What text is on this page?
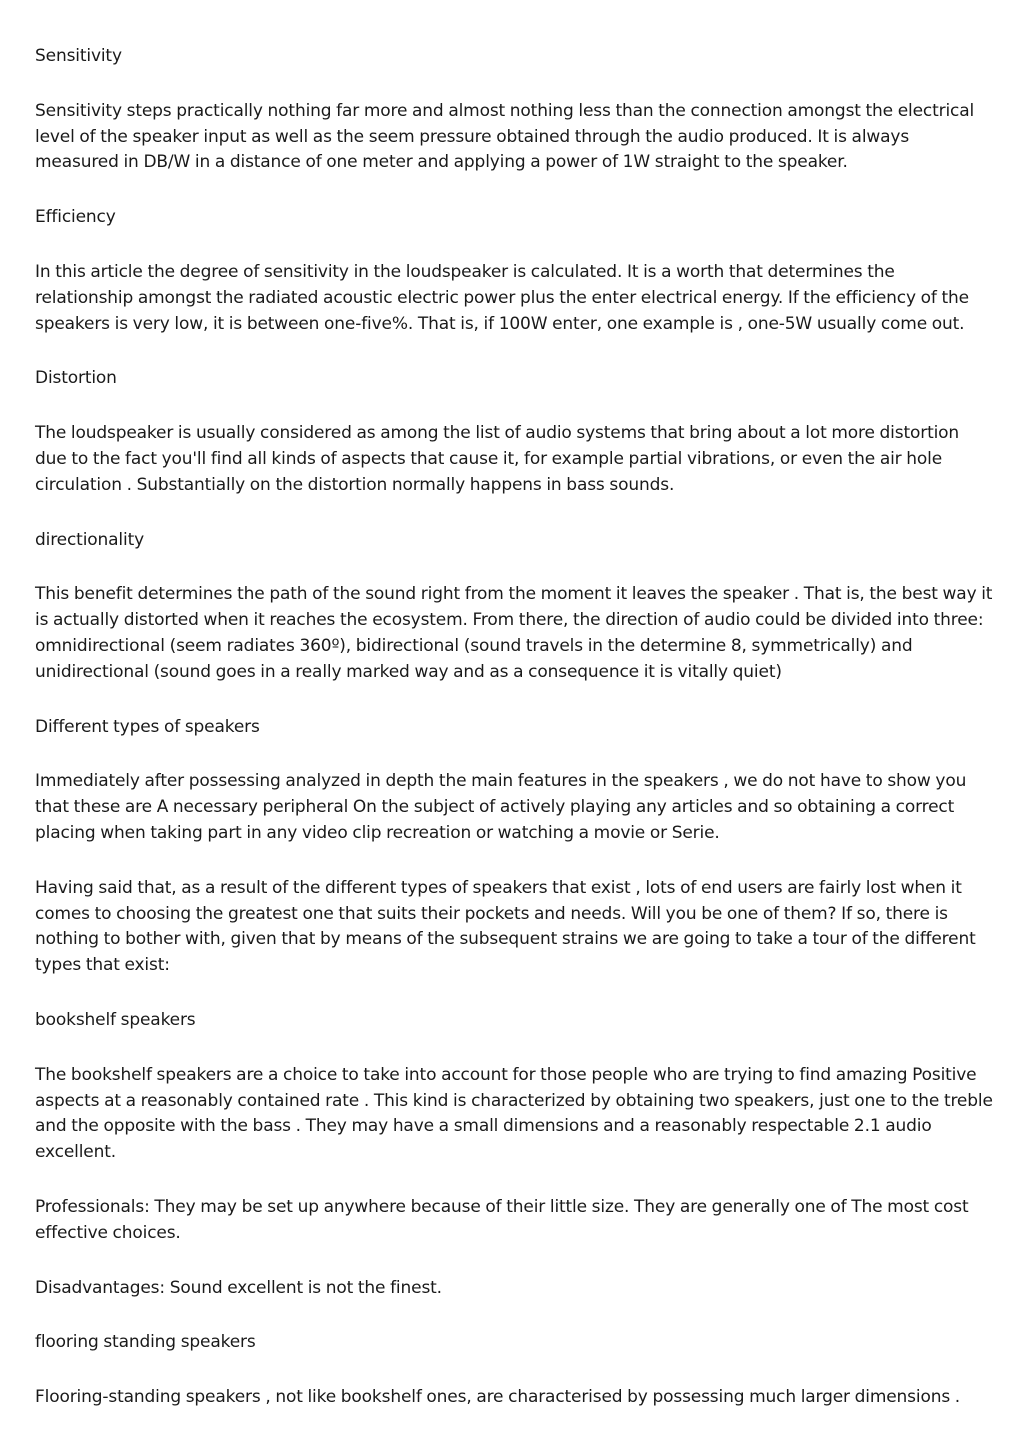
Sensitivity

Sensitivity steps practically nothing far more and almost nothing less than the connection amongst the electrical level of the speaker input as well as the seem pressure obtained through the audio produced. It is always measured in DB/W in a distance of one meter and applying a power of 1W straight to the speaker.

Efficiency

In this article the degree of sensitivity in the loudspeaker is calculated. It is a worth that determines the relationship amongst the radiated acoustic electric power plus the enter electrical energy. If the efficiency of the speakers is very low, it is between one-five%. That is, if 100W enter, one example is , one-5W usually come out.

Distortion

The loudspeaker is usually considered as among the list of audio systems that bring about a lot more distortion due to the fact you'll find all kinds of aspects that cause it, for example partial vibrations, or even the air hole circulation . Substantially on the distortion normally happens in bass sounds.

directionality

This benefit determines the path of the sound right from the moment it leaves the speaker . That is, the best way it is actually distorted when it reaches the ecosystem. From there, the direction of audio could be divided into three: omnidirectional (seem radiates 360º), bidirectional (sound travels in the determine 8, symmetrically) and unidirectional (sound goes in a really marked way and as a consequence it is vitally quiet)

Different types of speakers

Immediately after possessing analyzed in depth the main features in the speakers , we do not have to show you that these are A necessary peripheral On the subject of actively playing any articles and so obtaining a correct placing when taking part in any video clip recreation or watching a movie or Serie.

Having said that, as a result of the different types of speakers that exist , lots of end users are fairly lost when it comes to choosing the greatest one that suits their pockets and needs. Will you be one of them? If so, there is nothing to bother with, given that by means of the subsequent strains we are going to take a tour of the different types that exist:

bookshelf speakers

The bookshelf speakers are a choice to take into account for those people who are trying to find amazing Positive aspects at a reasonably contained rate . This kind is characterized by obtaining two speakers, just one to the treble and the opposite with the bass . They may have a small dimensions and a reasonably respectable 2.1 audio excellent.

Professionals: They may be set up anywhere because of their little size. They are generally one of The most cost effective choices.

Disadvantages: Sound excellent is not the finest.

flooring standing speakers

Flooring-standing speakers , not like bookshelf ones, are characterised by possessing much larger dimensions .
